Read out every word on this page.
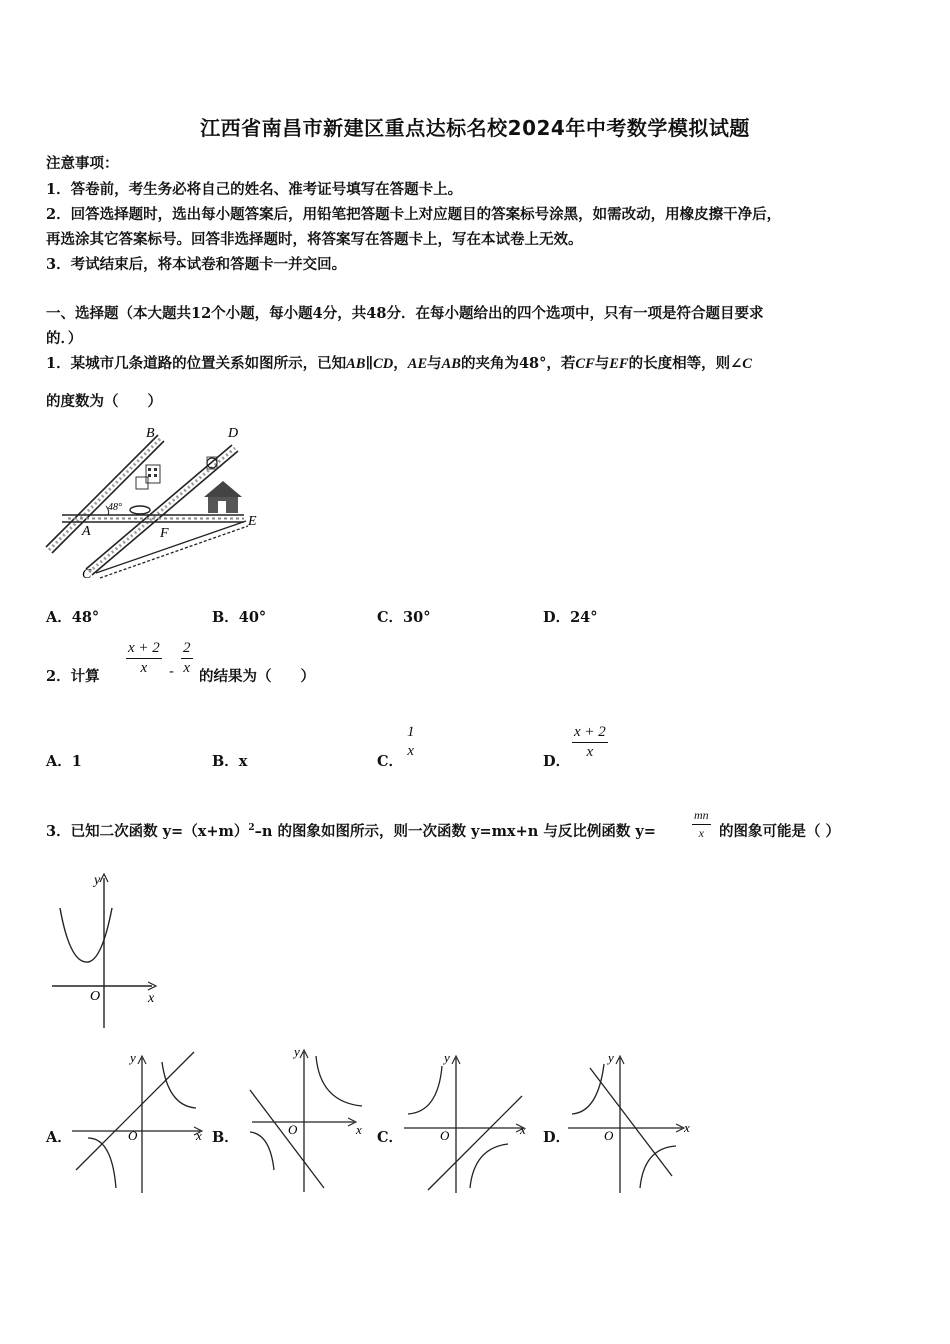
江西省南昌市新建区重点达标名校2024年中考数学模拟试题
注意事项：
1．答卷前，考生务必将自己的姓名、准考证号填写在答题卡上。
2．回答选择题时，选出每小题答案后，用铅笔把答题卡上对应题目的答案标号涂黑，如需改动，用橡皮擦干净后，
再选涂其它答案标号。回答非选择题时，将答案写在答题卡上，写在本试卷上无效。
3．考试结束后，将本试卷和答题卡一并交回。
一、选择题（本大题共12个小题，每小题4分，共48分．在每小题给出的四个选项中，只有一项是符合题目要求
的．）
1．某城市几条道路的位置关系如图所示，已知AB∥CD，AE与AB的夹角为48°，若CF与EF的长度相等，则∠C
的度数为（　　）
B	D
A	F
E
C
48°
A．48°	B．40°	C．30°	D．24°
2．计算 $\frac{x + 2}{x} - \frac{2}{x}$ 的结果为（　　）
A．1	B．x	C．
1
x
D．
$\frac{x + 2}{x}$
3．已知二次函数 $y=(x+m)^2-n$ 的图象如图所示，则一次函数 y=mx+n 与反比例函数 y=	$\frac{mn}{x}$ 的图象可能是（ ）
y
x
O
A．
y
x
O	B．
y
x
O	C．
y
x
O	D．
y
x
O
